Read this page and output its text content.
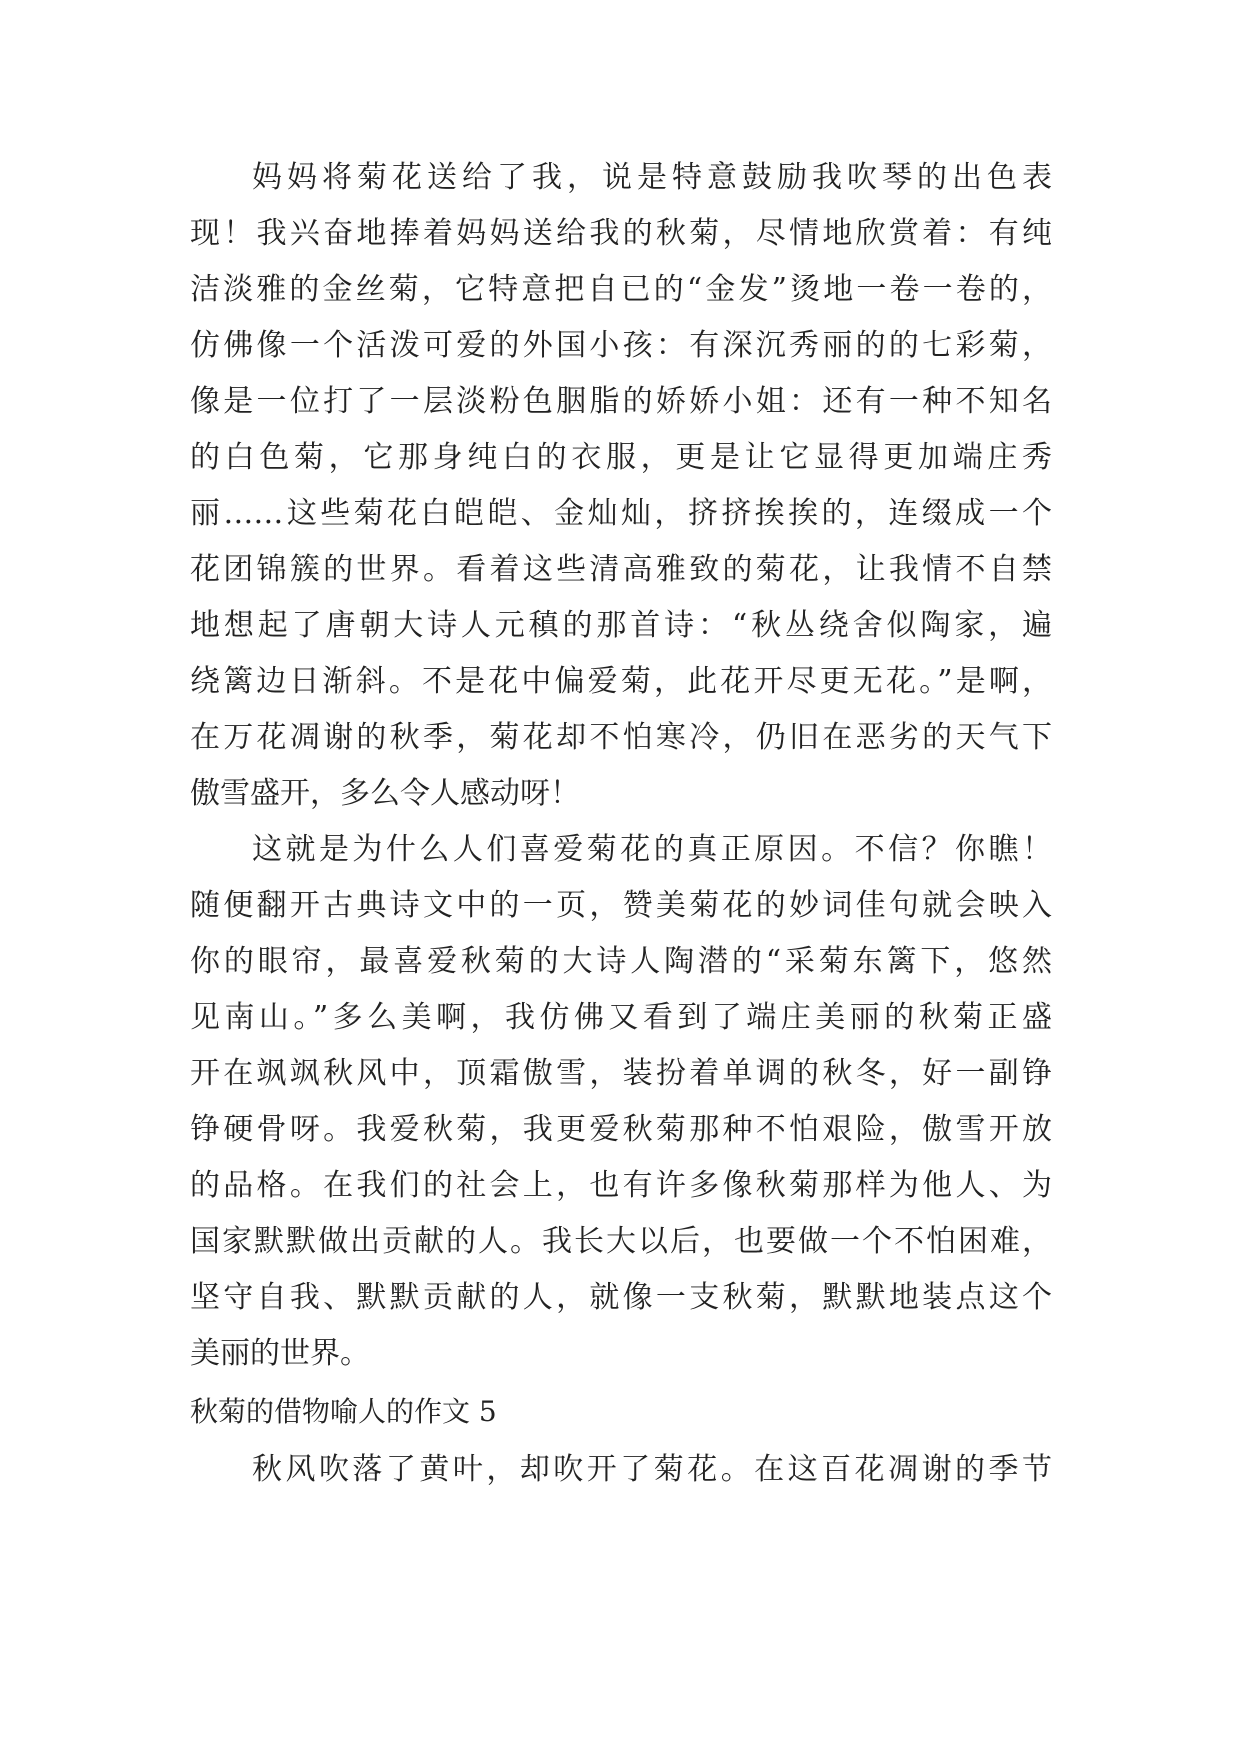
妈妈将菊花送给了我，说是特意鼓励我吹琴的出色表
现！我兴奋地捧着妈妈送给我的秋菊，尽情地欣赏着：有纯
洁淡雅的金丝菊，它特意把自已的“金发”烫地一卷一卷的，
仿佛像一个活泼可爱的外国小孩：有深沉秀丽的的七彩菊，
像是一位打了一层淡粉色胭脂的娇娇小姐：还有一种不知名
的白色菊，它那身纯白的衣服，更是让它显得更加端庄秀
丽……这些菊花白皑皑、金灿灿，挤挤挨挨的，连缀成一个
花团锦簇的世界。看着这些清高雅致的菊花，让我情不自禁
地想起了唐朝大诗人元稹的那首诗：“秋丛绕舍似陶家，遍
绕篱边日渐斜。不是花中偏爱菊，此花开尽更无花。”是啊，
在万花凋谢的秋季，菊花却不怕寒冷，仍旧在恶劣的天气下
傲雪盛开，多么令人感动呀！
这就是为什么人们喜爱菊花的真正原因。不信？你瞧！
随便翻开古典诗文中的一页，赞美菊花的妙词佳句就会映入
你的眼帘，最喜爱秋菊的大诗人陶潜的“采菊东篱下，悠然
见南山。”多么美啊，我仿佛又看到了端庄美丽的秋菊正盛
开在飒飒秋风中，顶霜傲雪，装扮着单调的秋冬，好一副铮
铮硬骨呀。我爱秋菊，我更爱秋菊那种不怕艰险，傲雪开放
的品格。在我们的社会上，也有许多像秋菊那样为他人、为
国家默默做出贡献的人。我长大以后，也要做一个不怕困难，
坚守自我、默默贡献的人，就像一支秋菊，默默地装点这个
美丽的世界。
秋菊的借物喻人的作文 5
秋风吹落了黄叶，却吹开了菊花。在这百花凋谢的季节
